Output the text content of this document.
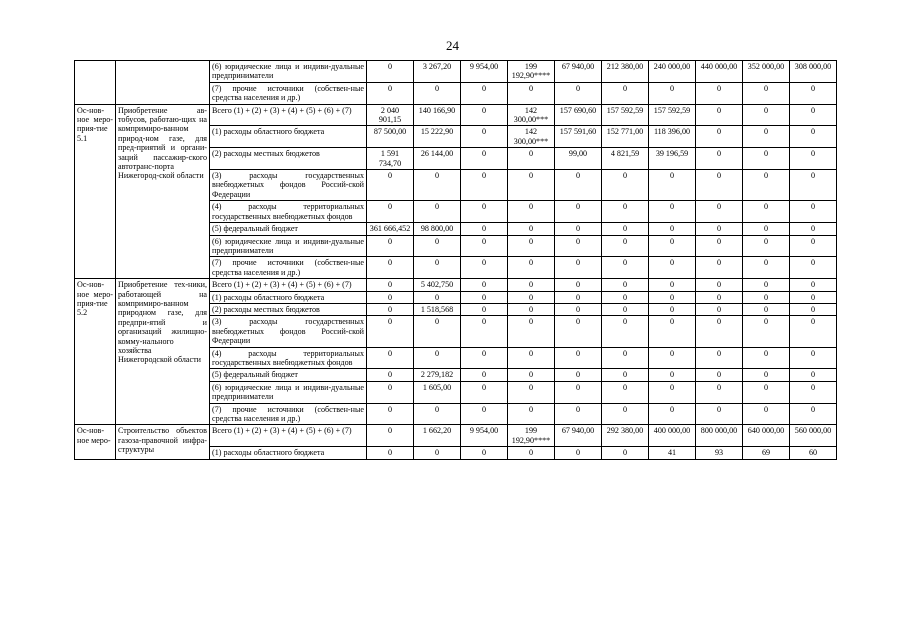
24
		(6) юридические лица и индиви-дуальные предприниматели	0	3 267,20	9 954,00	199 192,90****	67 940,00	212 380,00	240 000,00	440 000,00	352 000,00	308 000,00
		(7) прочие источники (собствен-ные средства населения и др.)	0	0	0	0	0	0	0	0	0	0
Ос-нов-ное меро-прия-тие 5.1	Приобретение ав-тобусов, работаю-щих на компримиро-ванном природ-ном газе, для пред-приятий и органи-заций пассажир-ского автотранс-порта Нижегород-ской области	Всего (1) + (2) + (3) + (4) + (5) + (6) + (7)	2 040 901,15	140 166,90	0	142 300,00***	157 690,60	157 592,59	157 592,59	0	0	0
		(1) расходы областного бюджета	87 500,00	15 222,90	0	142 300,00***	157 591,60	152 771,00	118 396,00	0	0	0
		(2) расходы местных бюджетов	1 591 734,70	26 144,00	0	0	99,00	4 821,59	39 196,59	0	0	0
		(3) расходы государственных внебюджетных фондов Россий-ской Федерации	0	0	0	0	0	0	0	0	0	0
		(4) расходы территориальных государственных внебюджетных фондов	0	0	0	0	0	0	0	0	0	0
		(5) федеральный бюджет	361 666,452	98 800,00	0	0	0	0	0	0	0	0
		(6) юридические лица и индиви-дуальные предприниматели	0	0	0	0	0	0	0	0	0	0
		(7) прочие источники (собствен-ные средства населения и др.)	0	0	0	0	0	0	0	0	0	0
Ос-нов-ное меро-прия-тие 5.2	Приобретение тех-ники, работающей на компримиро-ванном природном газе, для предпри-ятий и организаций жилищно- комму-нального хозяйства Нижегородской области	Всего (1) + (2) + (3) + (4) + (5) + (6) + (7)	0	5 402,750	0	0	0	0	0	0	0	0
		(1) расходы областного бюджета	0	0	0	0	0	0	0	0	0	0
		(2) расходы местных бюджетов	0	1 518,568	0	0	0	0	0	0	0	0
		(3) расходы государственных внебюджетных фондов Россий-ской Федерации	0	0	0	0	0	0	0	0	0	0
		(4) расходы территориальных государственных внебюджетных фондов	0	0	0	0	0	0	0	0	0	0
		(5) федеральный бюджет	0	2 279,182	0	0	0	0	0	0	0	0
		(6) юридические лица и индиви-дуальные предприниматели	0	1 605,00	0	0	0	0	0	0	0	0
		(7) прочие источники (собствен-ные средства населения и др.)	0	0	0	0	0	0	0	0	0	0
Ос-нов-ное меро-	Строительство объектов газоза-правочной инфра-структуры	Всего (1) + (2) + (3) + (4) + (5) + (6) + (7)	0	1 662,20	9 954,00	199 192,90****	67 940,00	292 380,00	400 000,00	800 000,00	640 000,00	560 000,00
		(1) расходы областного бюджета	0	0	0	0	0	0	41	93	69	60
